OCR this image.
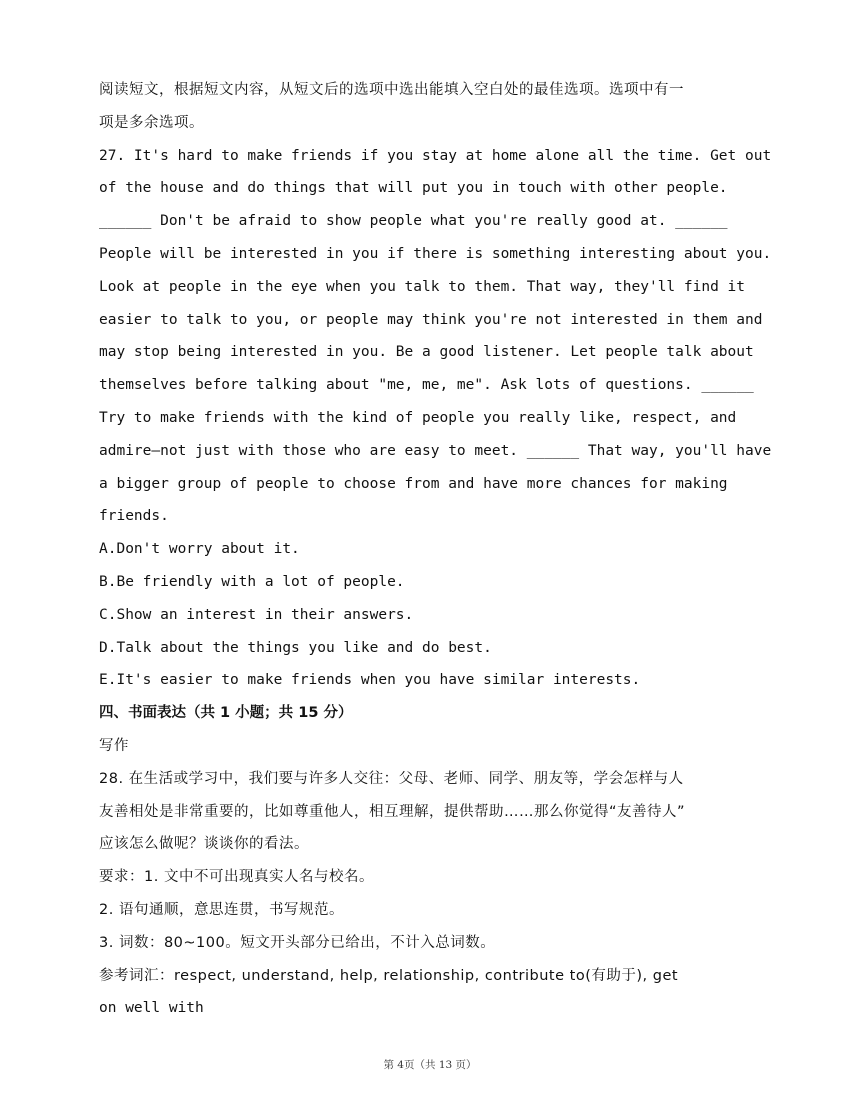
阅读短文，根据短文内容，从短文后的选项中选出能填入空白处的最佳选项。选项中有一
项是多余选项。
27. It's hard to make friends if you stay at home alone all the time. Get out
of the house and do things that will put you in touch with other people.
______ Don't be afraid to show people what you're really good at. ______
People will be interested in you if there is something interesting about you.
Look at people in the eye when you talk to them. That way, they'll find it
easier to talk to you, or people may think you're not interested in them and
may stop being interested in you. Be a good listener. Let people talk about
themselves before talking about "me, me, me". Ask lots of questions. ______
Try to make friends with the kind of people you really like, respect, and
admire—not just with those who are easy to meet. ______ That way, you'll have
a bigger group of people to choose from and have more chances for making
friends.
A.Don't worry about it.
B.Be friendly with a lot of people.
C.Show an interest in their answers.
D.Talk about the things you like and do best.
E.It's easier to make friends when you have similar interests.
四、书面表达（共 1 小题；共 15 分）
写作
28. 在生活或学习中，我们要与许多人交往：父母、老师、同学、朋友等，学会怎样与人
友善相处是非常重要的，比如尊重他人，相互理解，提供帮助……那么你觉得“友善待人”
应该怎么做呢？谈谈你的看法。
要求：1. 文中不可出现真实人名与校名。
2. 语句通顺，意思连贯，书写规范。
3. 词数：80~100。短文开头部分已给出，不计入总词数。
参考词汇：respect, understand, help, relationship, contribute to(有助于), get
on well with
第 4页（共 13 页）
